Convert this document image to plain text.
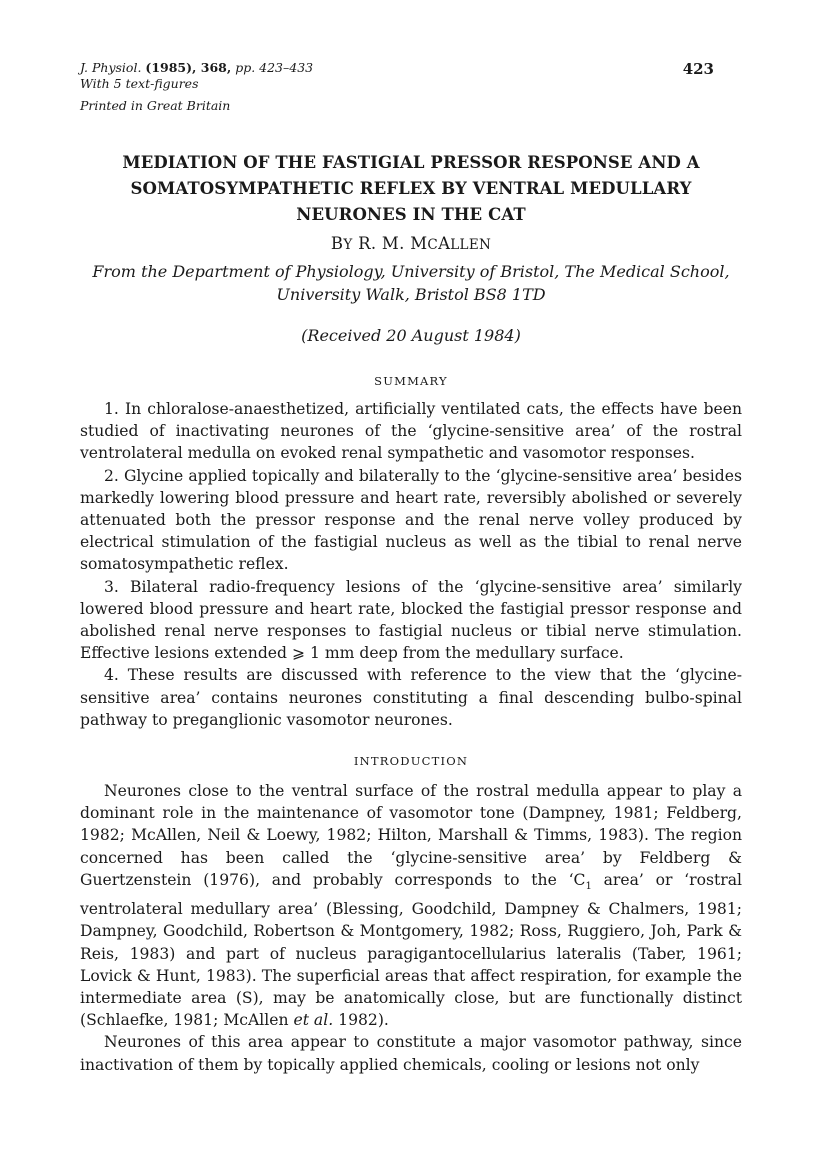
J. Physiol. (1985), 368, pp. 423–433
With 5 text-figures
Printed in Great Britain
423
MEDIATION OF THE FASTIGIAL PRESSOR RESPONSE AND A SOMATOSYMPATHETIC REFLEX BY VENTRAL MEDULLARY NEURONES IN THE CAT
BY R. M. MCALLEN
From the Department of Physiology, University of Bristol, The Medical School,
University Walk, Bristol BS8 1TD
(Received 20 August 1984)
SUMMARY

1. In chloralose-anaesthetized, artificially ventilated cats, the effects have been studied of inactivating neurones of the ‘glycine-sensitive area’ of the rostral ventrolateral medulla on evoked renal sympathetic and vasomotor responses.

2. Glycine applied topically and bilaterally to the ‘glycine-sensitive area’ besides markedly lowering blood pressure and heart rate, reversibly abolished or severely attenuated both the pressor response and the renal nerve volley produced by electrical stimulation of the fastigial nucleus as well as the tibial to renal nerve somatosympathetic reflex.

3. Bilateral radio-frequency lesions of the ‘glycine-sensitive area’ similarly lowered blood pressure and heart rate, blocked the fastigial pressor response and abolished renal nerve responses to fastigial nucleus or tibial nerve stimulation. Effective lesions extended ⩾ 1 mm deep from the medullary surface.

4. These results are discussed with reference to the view that the ‘glycine-sensitive area’ contains neurones constituting a final descending bulbo-spinal pathway to preganglionic vasomotor neurones.

INTRODUCTION

Neurones close to the ventral surface of the rostral medulla appear to play a dominant role in the maintenance of vasomotor tone (Dampney, 1981; Feldberg, 1982; McAllen, Neil & Loewy, 1982; Hilton, Marshall & Timms, 1983). The region concerned has been called the ‘glycine-sensitive area’ by Feldberg & Guertzenstein (1976), and probably corresponds to the ‘$C_1$ area’ or ‘rostral ventrolateral medullary area’ (Blessing, Goodchild, Dampney & Chalmers, 1981; Dampney, Goodchild, Robertson & Montgomery, 1982; Ross, Ruggiero, Joh, Park & Reis, 1983) and part of nucleus paragigantocellularius lateralis (Taber, 1961; Lovick & Hunt, 1983). The superficial areas that affect respiration, for example the intermediate area (S), may be anatomically close, but are functionally distinct (Schlaefke, 1981; McAllen et al. 1982).

Neurones of this area appear to constitute a major vasomotor pathway, since inactivation of them by topically applied chemicals, cooling or lesions not only
